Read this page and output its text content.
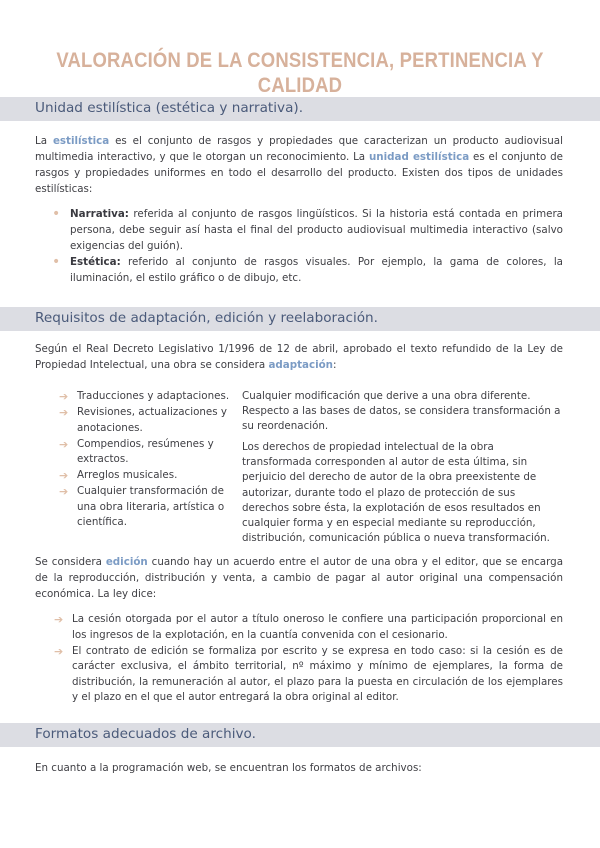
VALORACIÓN DE LA CONSISTENCIA, PERTINENCIA Y CALIDAD
Unidad estilística (estética y narrativa).

La estilística es el conjunto de rasgos y propiedades que caracterizan un producto audiovisual multimedia interactivo, y que le otorgan un reconocimiento. La unidad estilística es el conjunto de rasgos y propiedades uniformes en todo el desarrollo del producto. Existen dos tipos de unidades estilísticas:

• Narrativa: referida al conjunto de rasgos lingüísticos. Si la historia está contada en primera persona, debe seguir así hasta el final del producto audiovisual multimedia interactivo (salvo exigencias del guión).
• Estética: referido al conjunto de rasgos visuales. Por ejemplo, la gama de colores, la iluminación, el estilo gráfico o de dibujo, etc.
Requisitos de adaptación, edición y reelaboración.

Según el Real Decreto Legislativo 1/1996 de 12 de abril, aprobado el texto refundido de la Ley de Propiedad Intelectual, una obra se considera adaptación:

➔ Traducciones y adaptaciones.
➔ Revisiones, actualizaciones y anotaciones.
➔ Compendios, resúmenes y extractos.
➔ Arreglos musicales.
➔ Cualquier transformación de una obra literaria, artística o científica.

Cualquier modificación que derive a una obra diferente. Respecto a las bases de datos, se considera transformación a su reordenación.

Los derechos de propiedad intelectual de la obra transformada corresponden al autor de esta última, sin perjuicio del derecho de autor de la obra preexistente de autorizar, durante todo el plazo de protección de sus derechos sobre ésta, la explotación de esos resultados en cualquier forma y en especial mediante su reproducción, distribución, comunicación pública o nueva transformación.

Se considera edición cuando hay un acuerdo entre el autor de una obra y el editor, que se encarga de la reproducción, distribución y venta, a cambio de pagar al autor original una compensación económica. La ley dice:

➔ La cesión otorgada por el autor a título oneroso le confiere una participación proporcional en los ingresos de la explotación, en la cuantía convenida con el cesionario.
➔ El contrato de edición se formaliza por escrito y se expresa en todo caso: si la cesión es de carácter exclusiva, el ámbito territorial, nº máximo y mínimo de ejemplares, la forma de distribución, la remuneración al autor, el plazo para la puesta en circulación de los ejemplares y el plazo en el que el autor entregará la obra original al editor.
Formatos adecuados de archivo.

En cuanto a la programación web, se encuentran los formatos de archivos:
